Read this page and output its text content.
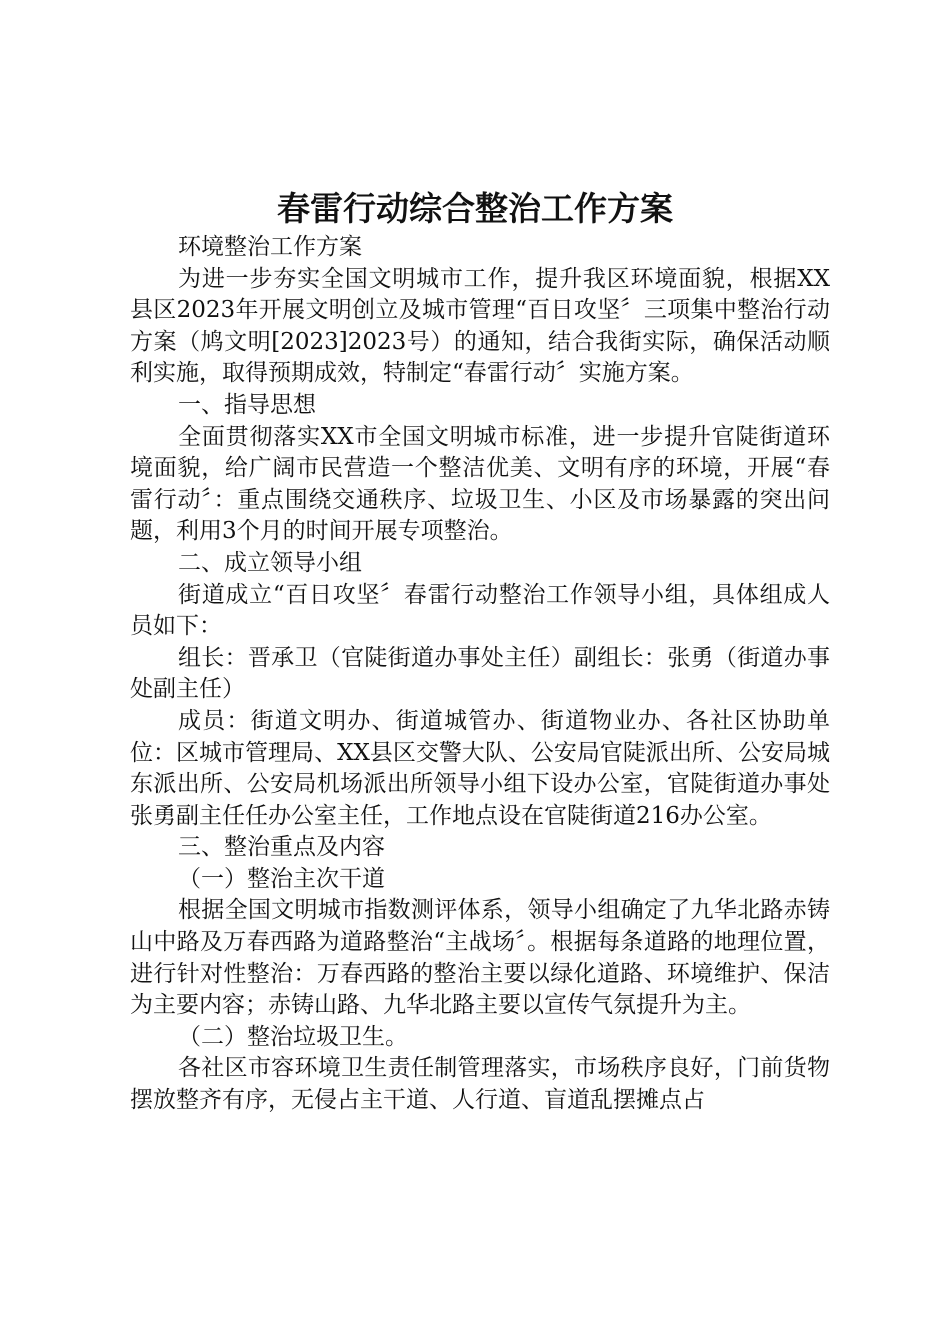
春雷行动综合整治工作方案

环境整治工作方案

为进一步夯实全国文明城市工作，提升我区环境面貌，根据XX县区2023年开展文明创立及城市管理“百日攻坚〞三项集中整治行动方案（鸠文明[2023]2023号）的通知，结合我街实际，确保活动顺利实施，取得预期成效，特制定“春雷行动〞实施方案。

一、指导思想

全面贯彻落实XX市全国文明城市标准，进一步提升官陡街道环境面貌，给广阔市民营造一个整洁优美、文明有序的环境，开展“春雷行动〞：重点围绕交通秩序、垃圾卫生、小区及市场暴露的突出问题，利用3个月的时间开展专项整治。

二、成立领导小组

街道成立“百日攻坚〞春雷行动整治工作领导小组，具体组成人员如下：

组长：晋承卫（官陡街道办事处主任）副组长：张勇（街道办事处副主任）

成员：街道文明办、街道城管办、街道物业办、各社区协助单位：区城市管理局、XX县区交警大队、公安局官陡派出所、公安局城东派出所、公安局机场派出所领导小组下设办公室，官陡街道办事处张勇副主任任办公室主任，工作地点设在官陡街道216办公室。

三、整治重点及内容

（一）整治主次干道

根据全国文明城市指数测评体系，领导小组确定了九华北路赤铸山中路及万春西路为道路整治“主战场〞。根据每条道路的地理位置，进行针对性整治：万春西路的整治主要以绿化道路、环境维护、保洁为主要内容；赤铸山路、九华北路主要以宣传气氛提升为主。

（二）整治垃圾卫生。

各社区市容环境卫生责任制管理落实，市场秩序良好，门前货物摆放整齐有序，无侵占主干道、人行道、盲道乱摆摊点占
